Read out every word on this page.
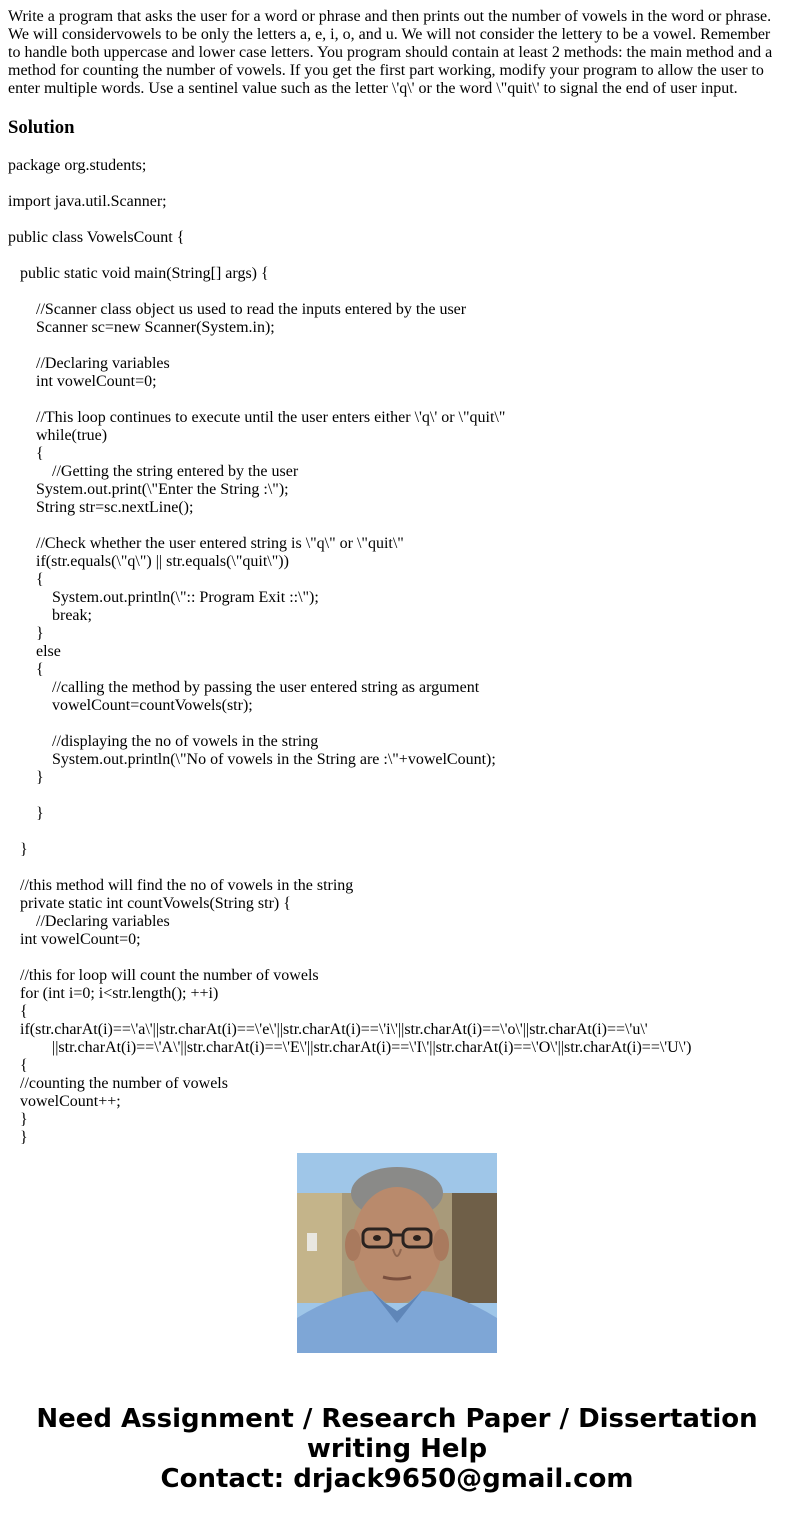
Write a program that asks the user for a word or phrase and then prints out the number of vowels in the word or phrase. We will considervowels to be only the letters a, e, i, o, and u. We will not consider the lettery to be a vowel. Remember to handle both uppercase and lower case letters. You program should contain at least 2 methods: the main method and a method for counting the number of vowels. If you get the first part working, modify your program to allow the user to enter multiple words. Use a sentinel value such as the letter \'q\' or the word \"quit\' to signal the end of user input.

Solution
package org.students;
import java.util.Scanner;
public class VowelsCount {
public static void main(String[] args) {
//Scanner class object us used to read the inputs entered by the user
Scanner sc=new Scanner(System.in);
//Declaring variables
int vowelCount=0;
//This loop continues to execute until the user enters either \'q\' or \"quit\"
while(true)
{
//Getting the string entered by the user
System.out.print(\"Enter the String :\");
String str=sc.nextLine();
//Check whether the user entered string is \"q\" or \"quit\"
if(str.equals(\"q\") || str.equals(\"quit\"))
{
System.out.println(\":: Program Exit ::\");
break;
}
else
{
//calling the method by passing the user entered string as argument
vowelCount=countVowels(str);
//displaying the no of vowels in the string
System.out.println(\"No of vowels in the String are :\"+vowelCount);
}
}
}
//this method will find the no of vowels in the string
private static int countVowels(String str) {
//Declaring variables
int vowelCount=0;
//this for loop will count the number of vowels
for (int i=0; i<str.length(); ++i)
{
if(str.charAt(i)==\'a\'||str.charAt(i)==\'e\'||str.charAt(i)==\'i\'||str.charAt(i)==\'o\'||str.charAt(i)==\'u\'
||str.charAt(i)==\'A\'||str.charAt(i)==\'E\'||str.charAt(i)==\'I\'||str.charAt(i)==\'O\'||str.charAt(i)==\'U\')
{
//counting the number of vowels
vowelCount++;
}
}
Need Assignment / Research Paper / Dissertation
writing Help
Contact: drjack9650@gmail.com
